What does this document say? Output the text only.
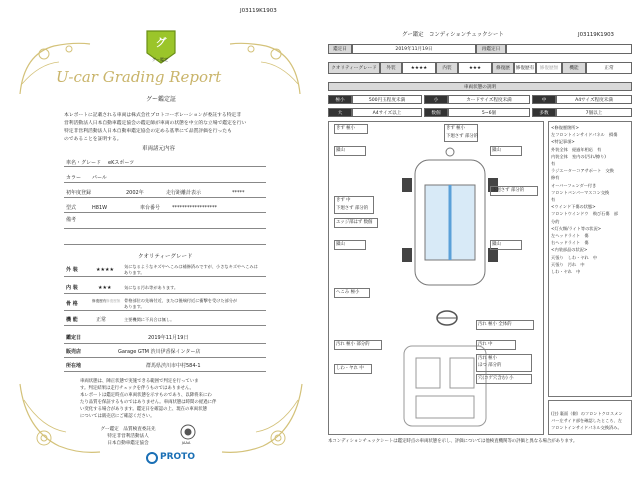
J03119K1903
グ
グー鑑定
U-car Grading Report
グー鑑定証
本レポートに記載される車両は株式会社プロトコーポレーションが委託する特定非
営利活動法人日本自動車鑑定協会の鑑定師が車両の状態を中立的な立場で鑑定を行い
特定非営利活動法人日本自動車鑑定協会の定める基準にて品質評価を行ったも
のであることを証明する。
車両諸元内容
車名・グレード eKスポーツ
カラー パール
初年度登録	2002年	走行距離計表示	*****
型式	H81W	車台番号 ******************
備考
クオリティーグレード
外 装	★★★★
気になるようなキズやへこみは補修済みですが、小さなキズやへこみは
あります。
内 装	★★★	気になる汚れ等があります。
骨 格	修復歴有 修復歴無 骨格部位の先端付近、または後端付近に衝撃を受けた部分が
あります。
機 能	正常	主要機関に不具合は無し。
鑑定日	2019年11月19日
販売店	Garage GTM 渋川伊香保インター店
所在地	群馬県渋川市中村584-1
車両状態は、陳正状態で実施できる範囲で判定を行っていま
す。判定結果は走行チェックを伴うものではありません。
本レポートは鑑定時点の車両状態を示すものであり、以降将来にわ
たり品質を保証するものではありません。車両状態は時間の経過に伴
い変化する場合があります。鑑定日を確認の上、現在の車両状態
については販売店にご確認ください。
グー鑑定　品質検査委託先
特定非営利活動法人
日本自動車鑑定協会	JAAA
PROTO
グー鑑定　コンディションチェックシート	J03119K1903
鑑定日	2019年11月19日	再鑑定日
クオリティーグレード	外装	★★★★	内装	★★★	修復歴	修復歴有	修復歴無	機能	正常
車両状態の説明
極小	500円玉程度未満	小	カードサイズ程度未満	中	A4サイズ程度未満
大	A4サイズ以上	数個	5~6個	多数	7個以上
きず 極小	きず 極小
下廻さず 部分的
鎖山	鎖山
下廻さず 部分的
きず 中
下廻さず 部分的
エッジ部はず 数個
鎖山	鎖山
へこみ 極小
汚れ 極小 全体的
汚れ 極小 部分的	汚れ 中
汚れ 極小
ほつ 部分的
穴(コゲ穴含む) 小
しわ・ヤれ 中
<修復歴箇所>
左フロントインサイドパネル　損傷
<特記事項>
外装全体　経過年相応　有
内装全体　室内の(汚れ/擦り)　
有
ラジエーターコアサポート　交換
修有
オーバーフェンダー付き
フロントバンパーマスコン交換
有
<ウインド下傷の状態>
フロントウインドウ　飛び石傷　部
分的
<灯火類/ライト等の状況>
左ヘッドライト　傷
右ヘッドライト　傷
<内装部品の状況>
天張り　しわ・ヤれ　中
天張り　汚れ　中
しわ・ヤれ　中
(注) 裏面（側）のフロントクロスメン
バー左サイド部を確認したところ、左
フロントインサイドパネル交換済み。
本コンディションチェックシートは鑑定時点の車両状態を示し、評価については他検査機関等の評価と異なる場合があります。
